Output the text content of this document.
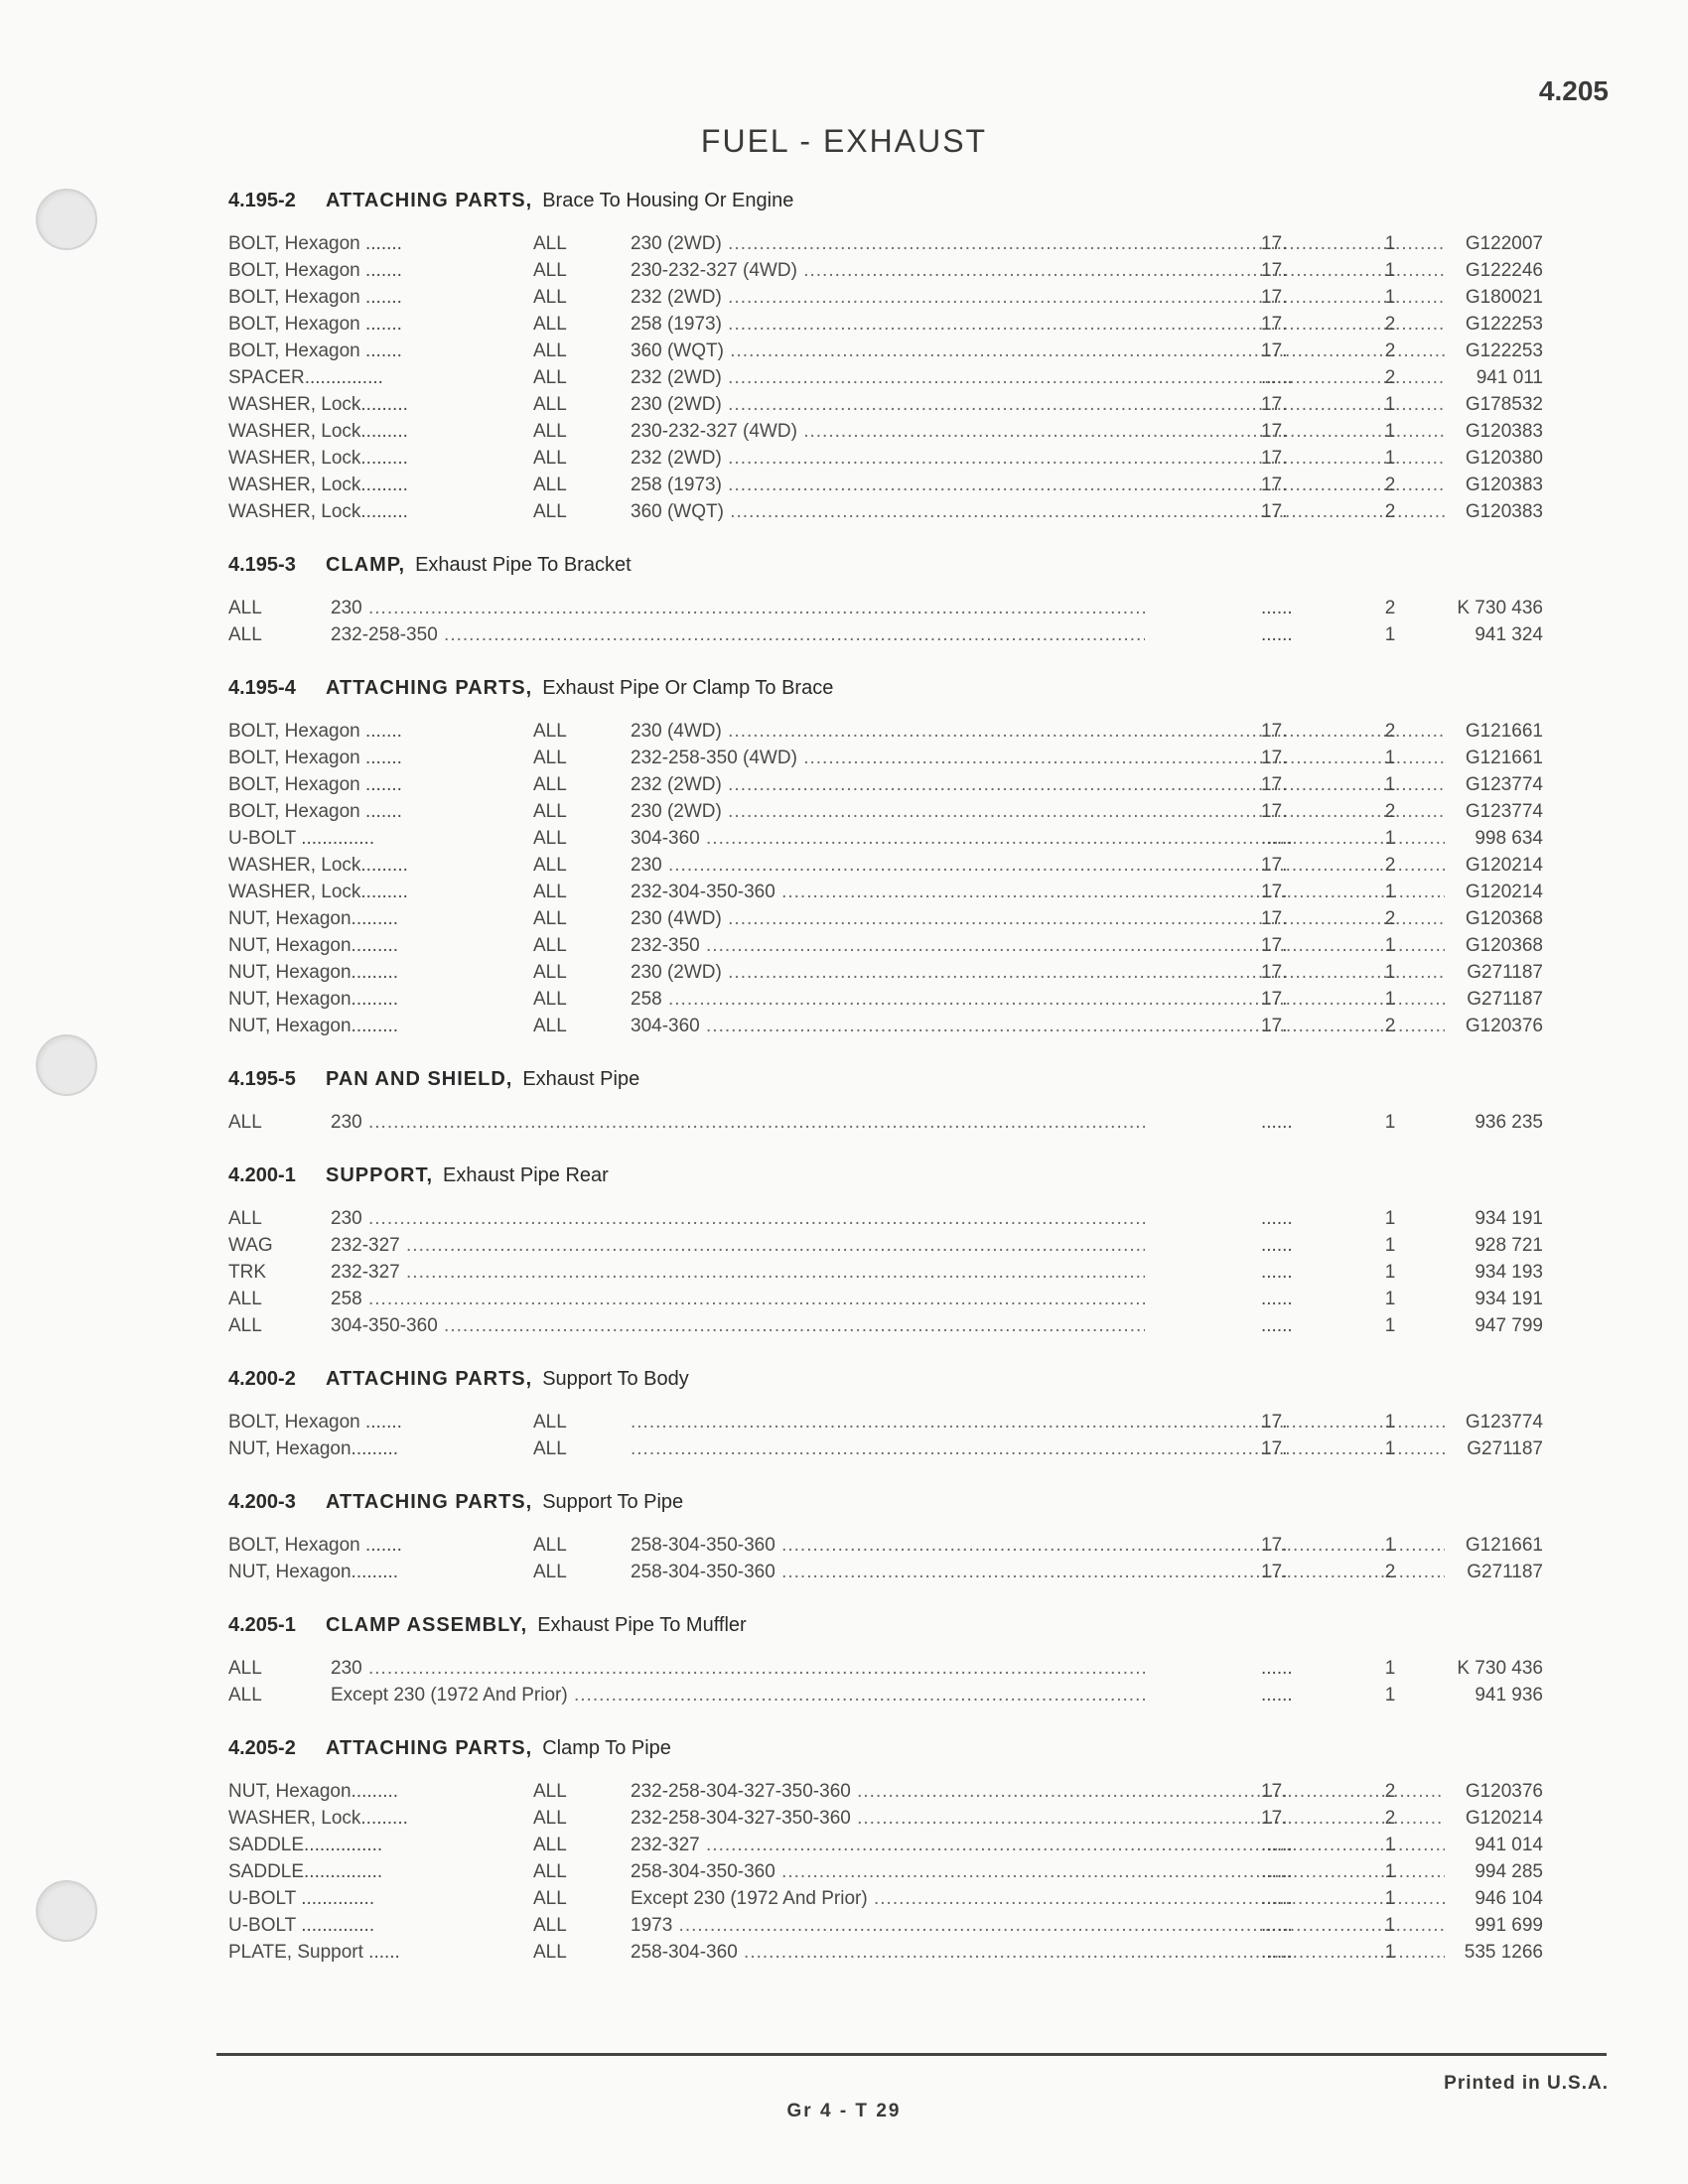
4.205
FUEL - EXHAUST
4.195-2	ATTACHING PARTS, Brace To Housing Or Engine
BOLT, Hexagon .......	ALL	230 (2WD) .....	17.	1	G122007
BOLT, Hexagon .......	ALL	230-232-327 (4WD) .....	17.	1	G122246
BOLT, Hexagon .......	ALL	232 (2WD) .....	17.	1	G180021
BOLT, Hexagon .......	ALL	258 (1973) .....	17.	2	G122253
BOLT, Hexagon .......	ALL	360 (WQT) .....	17.	2	G122253
SPACER...............	ALL	232 (2WD) .....	......	2	941 011
WASHER, Lock.........	ALL	230 (2WD) .....	17.	1	G178532
WASHER, Lock.........	ALL	230-232-327 (4WD) .....	17.	1	G120383
WASHER, Lock.........	ALL	232 (2WD) .....	17.	1	G120380
WASHER, Lock.........	ALL	258 (1973) .....	17.	2	G120383
WASHER, Lock.........	ALL	360 (WQT) .....	17.	2	G120383
4.195-3	CLAMP, Exhaust Pipe To Bracket
ALL	230 .....	......	2	K 730 436
ALL	232-258-350 .....	......	1	941 324
4.195-4	ATTACHING PARTS, Exhaust Pipe Or Clamp To Brace
BOLT, Hexagon .......	ALL	230 (4WD) .....	17.	2	G121661
BOLT, Hexagon .......	ALL	232-258-350 (4WD) .....	17.	1	G121661
BOLT, Hexagon .......	ALL	232 (2WD) .....	17.	1	G123774
BOLT, Hexagon .......	ALL	230 (2WD) .....	17.	2	G123774
U-BOLT ..............	ALL	304-360 .....	......	1	998 634
WASHER, Lock.........	ALL	230 .....	17.	2	G120214
WASHER, Lock.........	ALL	232-304-350-360 .....	17.	1	G120214
NUT, Hexagon.........	ALL	230 (4WD) .....	17.	2	G120368
NUT, Hexagon.........	ALL	232-350 .....	17.	1	G120368
NUT, Hexagon.........	ALL	230 (2WD) .....	17.	1	G271187
NUT, Hexagon.........	ALL	258 .....	17.	1	G271187
NUT, Hexagon.........	ALL	304-360 .....	17.	2	G120376
4.195-5	PAN AND SHIELD, Exhaust Pipe
ALL	230 .....	......	1	936 235
4.200-1	SUPPORT, Exhaust Pipe Rear
ALL	230 .....	......	1	934 191
WAG	232-327 .....	......	1	928 721
TRK	232-327 .....	......	1	934 193
ALL	258 .....	......	1	934 191
ALL	304-350-360 .....	......	1	947 799
4.200-2	ATTACHING PARTS, Support To Body
BOLT, Hexagon .......	ALL .....	17.	1	G123774
NUT, Hexagon.........	ALL .....	17.	1	G271187
4.200-3	ATTACHING PARTS, Support To Pipe
BOLT, Hexagon .......	ALL	258-304-350-360 .....	17.	1	G121661
NUT, Hexagon.........	ALL	258-304-350-360 .....	17.	2	G271187
4.205-1	CLAMP ASSEMBLY, Exhaust Pipe To Muffler
ALL	230 .....	......	1	K 730 436
ALL	Except 230 (1972 And Prior) .....	......	1	941 936
4.205-2	ATTACHING PARTS, Clamp To Pipe
NUT, Hexagon.........	ALL	232-258-304-327-350-360 .....	17.	2	G120376
WASHER, Lock.........	ALL	232-258-304-327-350-360 .....	17.	2	G120214
SADDLE...............	ALL	232-327 .....	......	1	941 014
SADDLE...............	ALL	258-304-350-360 .....	......	1	994 285
U-BOLT ..............	ALL	Except 230 (1972 And Prior) .....	......	1	946 104
U-BOLT ..............	ALL	1973 .....	......	1	991 699
PLATE, Support ......	ALL	258-304-360 .....	......	1	535 1266
Printed in U.S.A.
Gr 4 - T 29
